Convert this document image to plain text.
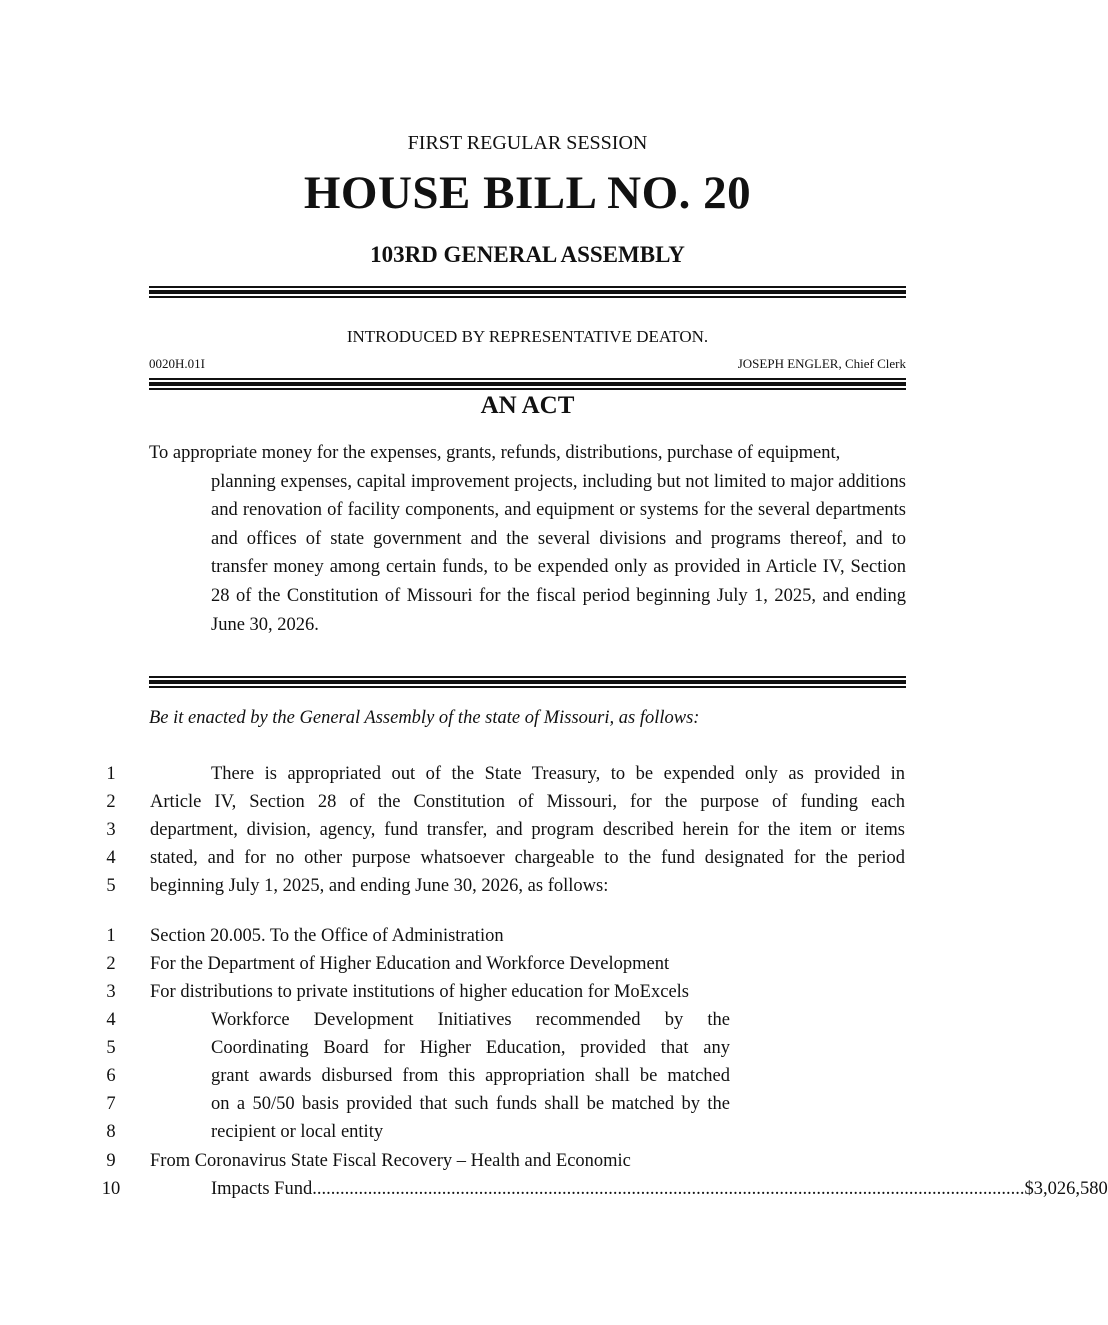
FIRST REGULAR SESSION
HOUSE BILL NO. 20
103RD GENERAL ASSEMBLY
INTRODUCED BY REPRESENTATIVE DEATON.
0020H.01I	JOSEPH ENGLER, Chief Clerk
AN ACT
To appropriate money for the expenses, grants, refunds, distributions, purchase of equipment,
planning expenses, capital improvement projects, including but not limited to major additions and renovation of facility components, and equipment or systems for the several departments and offices of state government and the several divisions and programs thereof, and to transfer money among certain funds, to be expended only as provided in Article IV, Section 28 of the Constitution of Missouri for the fiscal period beginning July 1, 2025, and ending June 30, 2026.
Be it enacted by the General Assembly of the state of Missouri, as follows:
1	There is appropriated out of the State Treasury, to be expended only as provided in
2	Article IV, Section 28 of the Constitution of Missouri, for the purpose of funding each
3	department, division, agency, fund transfer, and program described herein for the item or items
4	stated, and for no other purpose whatsoever chargeable to the fund designated for the period
5	beginning July 1, 2025, and ending June 30, 2026, as follows:
1	Section 20.005. To the Office of Administration
2	For the Department of Higher Education and Workforce Development
3	For distributions to private institutions of higher education for MoExcels
4	Workforce Development Initiatives recommended by the
5	Coordinating Board for Higher Education, provided that any
6	grant awards disbursed from this appropriation shall be matched
7	on a 50/50 basis provided that such funds shall be matched by the
8	recipient or local entity
9	From Coronavirus State Fiscal Recovery – Health and Economic
10	Impacts Fund .......................................................................................................................................................... $3,026,580
